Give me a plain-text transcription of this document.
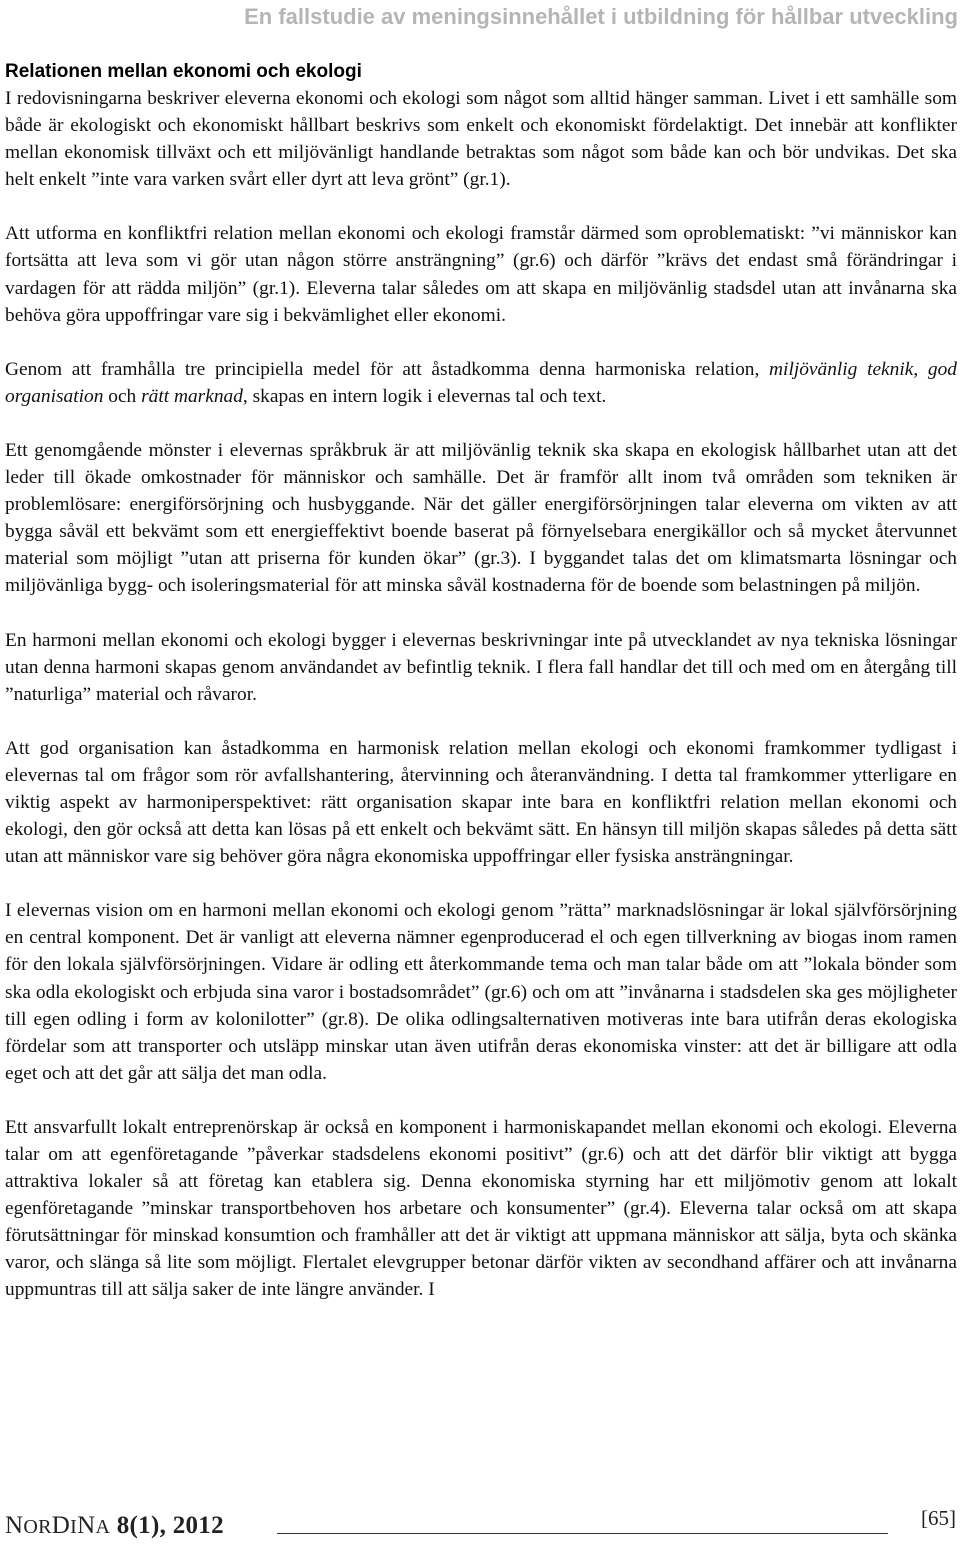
En fallstudie av meningsinnehållet i utbildning för hållbar utveckling
Relationen mellan ekonomi och ekologi

I redovisningarna beskriver eleverna ekonomi och ekologi som något som alltid hänger samman. Livet i ett samhälle som både är ekologiskt och ekonomiskt hållbart beskrivs som enkelt och ekonomiskt fördelaktigt. Det innebär att konflikter mellan ekonomisk tillväxt och ett miljövänligt handlande betraktas som något som både kan och bör undvikas. Det ska helt enkelt ”inte vara varken svårt eller dyrt att leva grönt” (gr.1).

Att utforma en konfliktfri relation mellan ekonomi och ekologi framstår därmed som oproblematiskt: ”vi människor kan fortsätta att leva som vi gör utan någon större ansträngning” (gr.6) och därför ”krävs det endast små förändringar i vardagen för att rädda miljön” (gr.1). Eleverna talar således om att skapa en miljövänlig stadsdel utan att invånarna ska behöva göra uppoffringar vare sig i bekvämlighet eller ekonomi.

Genom att framhålla tre principiella medel för att åstadkomma denna harmoniska relation, miljövänlig teknik, god organisation och rätt marknad, skapas en intern logik i elevernas tal och text.

Ett genomgående mönster i elevernas språkbruk är att miljövänlig teknik ska skapa en ekologisk hållbarhet utan att det leder till ökade omkostnader för människor och samhälle. Det är framför allt inom två områden som tekniken är problemlösare: energiförsörjning och husbyggande. När det gäller energiförsörjningen talar eleverna om vikten av att bygga såväl ett bekvämt som ett energieffektivt boende baserat på förnyelsebara energikällor och så mycket återvunnet material som möjligt ”utan att priserna för kunden ökar” (gr.3). I byggandet talas det om klimatsmarta lösningar och miljövänliga bygg- och isoleringsmaterial för att minska såväl kostnaderna för de boende som belastningen på miljön.

En harmoni mellan ekonomi och ekologi bygger i elevernas beskrivningar inte på utvecklandet av nya tekniska lösningar utan denna harmoni skapas genom användandet av befintlig teknik. I flera fall handlar det till och med om en återgång till ”naturliga” material och råvaror.

Att god organisation kan åstadkomma en harmonisk relation mellan ekologi och ekonomi framkommer tydligast i elevernas tal om frågor som rör avfallshantering, återvinning och återanvändning. I detta tal framkommer ytterligare en viktig aspekt av harmoniperspektivet: rätt organisation skapar inte bara en konfliktfri relation mellan ekonomi och ekologi, den gör också att detta kan lösas på ett enkelt och bekvämt sätt. En hänsyn till miljön skapas således på detta sätt utan att människor vare sig behöver göra några ekonomiska uppoffringar eller fysiska ansträngningar.

I elevernas vision om en harmoni mellan ekonomi och ekologi genom ”rätta” marknadslösningar är lokal självförsörjning en central komponent. Det är vanligt att eleverna nämner egenproducerad el och egen tillverkning av biogas inom ramen för den lokala självförsörjningen. Vidare är odling ett återkommande tema och man talar både om att ”lokala bönder som ska odla ekologiskt och erbjuda sina varor i bostadsområdet” (gr.6) och om att ”invånarna i stadsdelen ska ges möjligheter till egen odling i form av kolonilotter” (gr.8). De olika odlingsalternativen motiveras inte bara utifrån deras ekologiska fördelar som att transporter och utsläpp minskar utan även utifrån deras ekonomiska vinster: att det är billigare att odla eget och att det går att sälja det man odla.

Ett ansvarfullt lokalt entreprenörskap är också en komponent i harmoniskapandet mellan ekonomi och ekologi. Eleverna talar om att egenföretagande ”påverkar stadsdelens ekonomi positivt” (gr.6) och att det därför blir viktigt att bygga attraktiva lokaler så att företag kan etablera sig. Denna ekonomiska styrning har ett miljömotiv genom att lokalt egenföretagande ”minskar transportbehoven hos arbetare och konsumenter” (gr.4). Eleverna talar också om att skapa förutsättningar för minskad konsumtion och framhåller att det är viktigt att uppmana människor att sälja, byta och skänka varor, och slänga så lite som möjligt. Flertalet elevgrupper betonar därför vikten av secondhand affärer och att invånarna uppmuntras till att sälja saker de inte längre använder. I

NORDINA 8(1), 2012	[65]
